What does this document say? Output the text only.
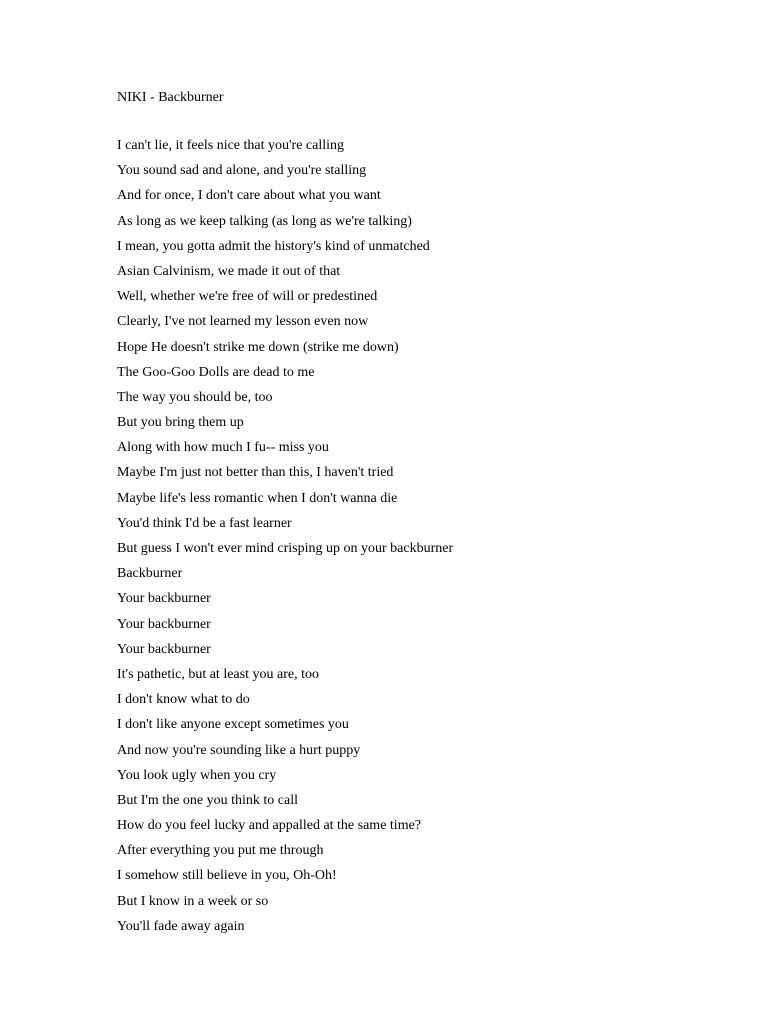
NIKI - Backburner
I can't lie, it feels nice that you're calling
You sound sad and alone, and you're stalling
And for once, I don't care about what you want
As long as we keep talking (as long as we're talking)
I mean, you gotta admit the history's kind of unmatched
Asian Calvinism, we made it out of that
Well, whether we're free of will or predestined
Clearly, I've not learned my lesson even now
Hope He doesn't strike me down (strike me down)
The Goo-Goo Dolls are dead to me
The way you should be, too
But you bring them up
Along with how much I fu-- miss you
Maybe I'm just not better than this, I haven't tried
Maybe life's less romantic when I don't wanna die
You'd think I'd be a fast learner
But guess I won't ever mind crisping up on your backburner
Backburner
Your backburner
Your backburner
Your backburner
It's pathetic, but at least you are, too
I don't know what to do
I don't like anyone except sometimes you
And now you're sounding like a hurt puppy
You look ugly when you cry
But I'm the one you think to call
How do you feel lucky and appalled at the same time?
After everything you put me through
I somehow still believe in you, Oh-Oh!
But I know in a week or so
You'll fade away again
